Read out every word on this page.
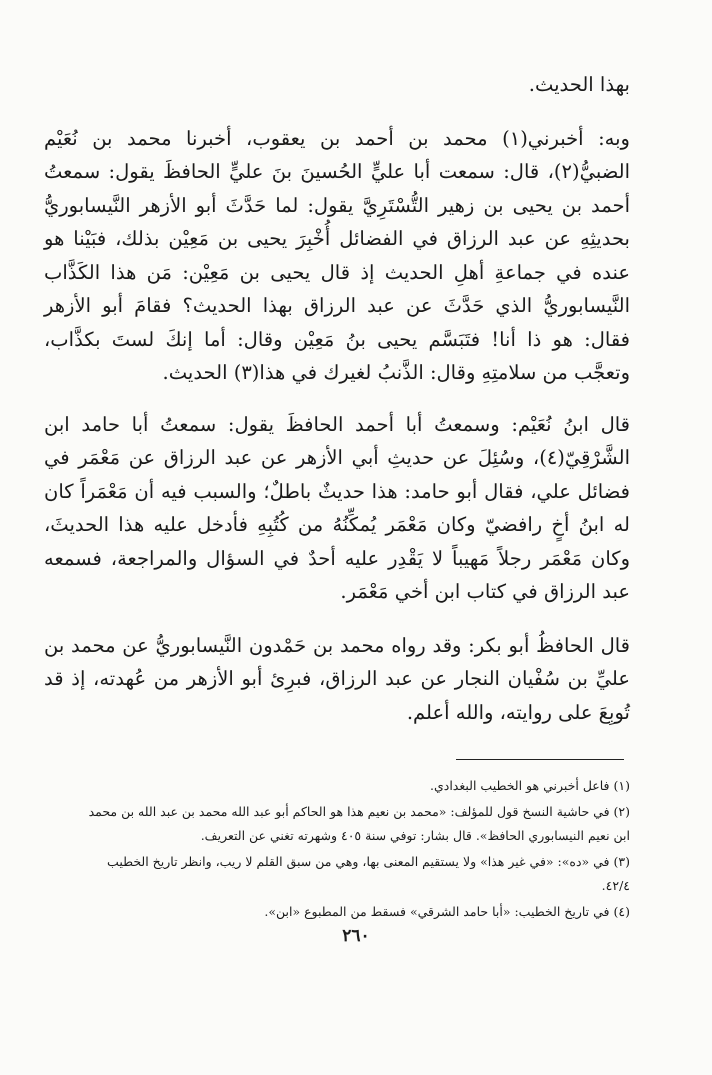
بهذا الحديث.

وبه: أخبرني(١) محمد بن أحمد بن يعقوب، أخبرنا محمد بن نُعَيْم الضبيُّ(٢)، قال: سمعت أبا عليٍّ الحُسينَ بنَ عليٍّ الحافظَ يقول: سمعتُ أحمد بن يحيى بن زهير التُّسْتَرِيَّ يقول: لما حَدَّثَ أبو الأزهر النَّيسابوريُّ بحديثِهِ عن عبد الرزاق في الفضائل أُخْبِرَ يحيى بن مَعِيْن بذلك، فبَيْنا هو عنده في جماعةِ أهلِ الحديث إذ قال يحيى بن مَعِيْن: مَن هذا الكَذَّاب النَّيسابوريُّ الذي حَدَّثَ عن عبد الرزاق بهذا الحديث؟ فقامَ أبو الأزهر فقال: هو ذا أنا! فتَبَسَّم يحيى بنُ مَعِيْن وقال: أما إنكَ لستَ بكذَّاب، وتعجَّب من سلامتِهِ وقال: الذَّنبُ لغيرك في هذا(٣) الحديث.

قال ابنُ نُعَيْم: وسمعتُ أبا أحمد الحافظَ يقول: سمعتُ أبا حامد ابن الشَّرْقِيّ(٤)، وسُئِلَ عن حديثِ أبي الأزهر عن عبد الرزاق عن مَعْمَر في فضائل علي، فقال أبو حامد: هذا حديثٌ باطلٌ؛ والسبب فيه أن مَعْمَراً كان له ابنُ أخٍ رافضيّ وكان مَعْمَر يُمكِّنُهُ من كُتُبِهِ فأدخل عليه هذا الحديثَ، وكان مَعْمَر رجلاً مَهيباً لا يَقْدِر عليه أحدٌ في السؤال والمراجعة، فسمعه عبد الرزاق في كتاب ابن أخي مَعْمَر.

قال الحافظُ أبو بكر: وقد رواه محمد بن حَمْدون النَّيسابوريُّ عن محمد بن عليِّ بن سُفْيان النجار عن عبد الرزاق، فبرِئ أبو الأزهر من عُهدته، إذ قد تُوبِعَ على روايته، والله أعلم.

(١) فاعل أخبرني هو الخطيب البغدادي.

(٢) في حاشية النسخ قول للمؤلف: «محمد بن نعيم هذا هو الحاكم أبو عبد الله محمد بن عبد الله بن محمد

ابن نعيم النيسابوري الحافظ». قال بشار: توفي سنة ٤٠٥ وشهرته تغني عن التعريف.

(٣) في «ده»: «في غير هذا» ولا يستقيم المعنى بها، وهي من سبق القلم لا ريب، وانظر تاريخ الخطيب

٤٢/٤.

(٤) في تاريخ الخطيب: «أبا حامد الشرقي» فسقط من المطبوع «ابن».

٢٦٠
